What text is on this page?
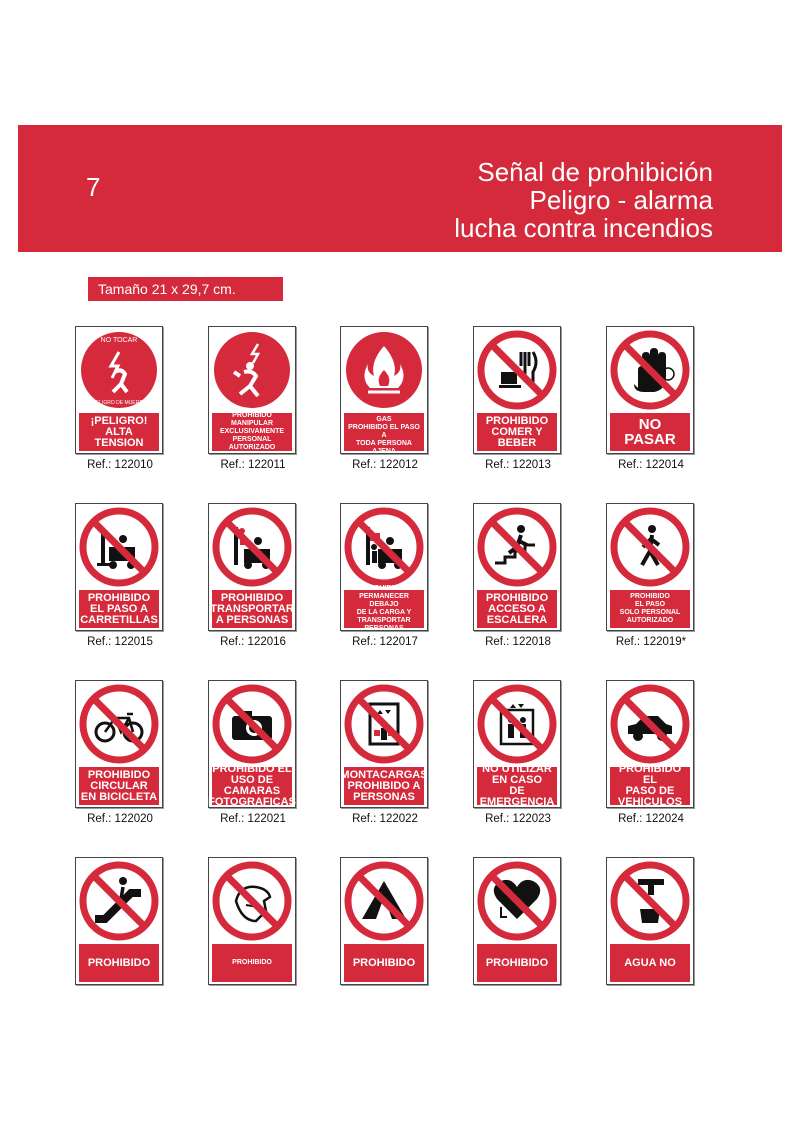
7	Señal de prohibición
Peligro - alarma
lucha contra incendios
Tamaño 21 x 29,7 cm.
NO TOCAR
PELIGRO DE MUERTE
¡PELIGRO!
ALTA
TENSION
Ref.: 122010
PROHIBIDO MANIPULAR
EXCLUSIVAMENTE
PERSONAL AUTORIZADO
Ref.: 122011
SALA DE CALDERA
GAS
PROHIBIDO EL PASO A
TODA PERSONA AJENA
Ref.: 122012
PROHIBIDO
COMER Y BEBER
Ref.: 122013
NO
PASAR
Ref.: 122014
PROHIBIDO
EL PASO A
CARRETILLAS
Ref.: 122015
PROHIBIDO
TRANSPORTAR
A PERSONAS
Ref.: 122016
PROHIBIDO
PERMANECER DEBAJO
DE LA CARGA Y
TRANSPORTAR PERSONAS
Ref.: 122017
PROHIBIDO
ACCESO A
ESCALERA
Ref.: 122018
PROHIBIDO
EL PASO
SOLO PERSONAL
AUTORIZADO
Ref.: 122019*
PROHIBIDO
CIRCULAR
EN BICICLETA
Ref.: 122020
PROHIBIDO EL
USO DE CAMARAS
FOTOGRAFICAS
Ref.: 122021
MONTACARGAS
PROHIBIDO A
PERSONAS
Ref.: 122022
NO UTILIZAR
EN CASO
DE EMERGENCIA
Ref.: 122023
PROHIBIDO EL
PASO DE
VEHICULOS
Ref.: 122024
PROHIBIDO	PROHIBIDO	PROHIBIDO	PROHIBIDO	AGUA NO
